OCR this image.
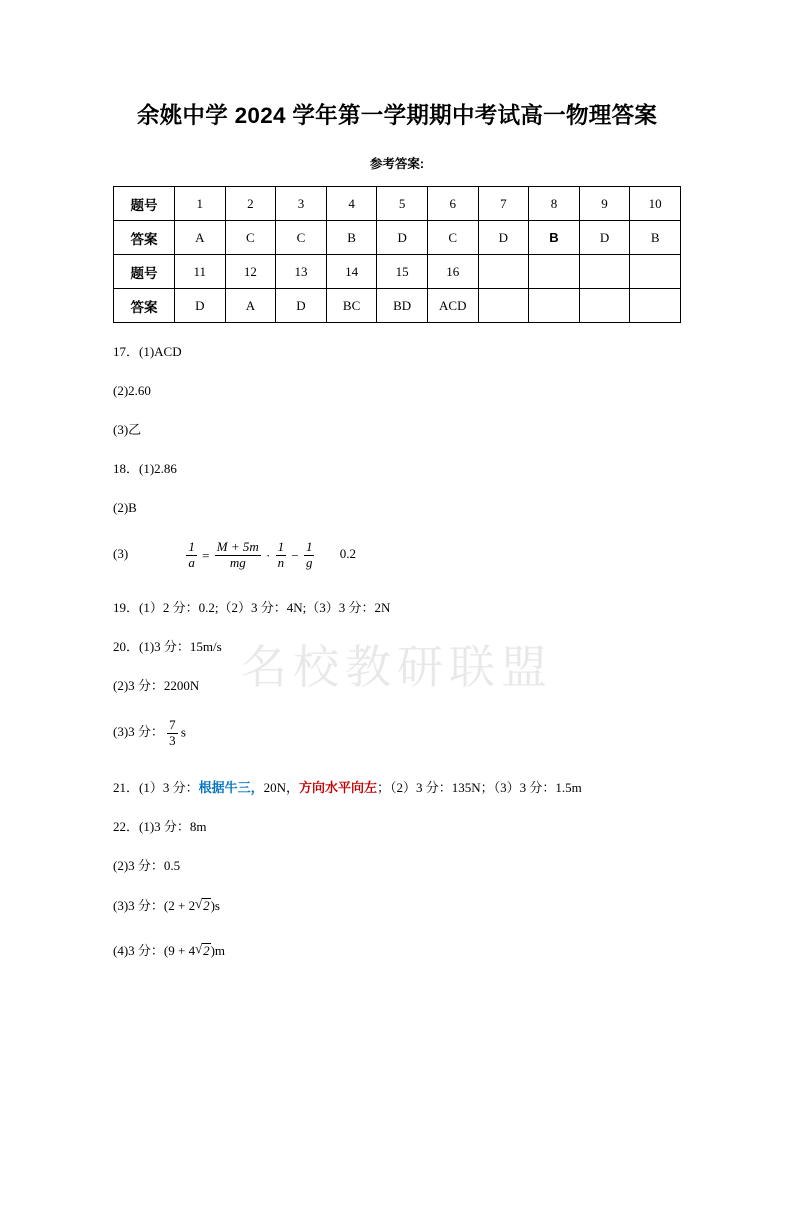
名校教研联盟
余姚中学 2024 学年第一学期期中考试高一物理答案
参考答案:
题号	1	2	3	4	5	6	7	8	9	10
答案	A	C	C	B	D	C	D	B	D	B
题号	11	12	13	14	15	16				
答案	D	A	D	BC	BD	ACD				
17．(1)ACD
(2)2.60
(3)乙
18．(1)2.86
(2)B
(3)	$\frac{1}{a} = \frac{M + 5m}{mg} \cdot \frac{1}{n} - \frac{1}{g} 0.2$
19．(1）2 分：0.2;（2）3 分：4N;（3）3 分：2N
20．(1)3 分：15m/s
(2)3 分：2200N
(3)3 分： $\frac{7}{3}$ s
21．(1）3 分：根据牛三，20N，方向水平向左；（2）3 分：135N；（3）3 分：1.5m
22．(1)3 分：8m
(2)3 分：0.5
(3)3 分：(2 + 2 √ 2)s
(4)3 分：(9 + 4 √ 2)m
